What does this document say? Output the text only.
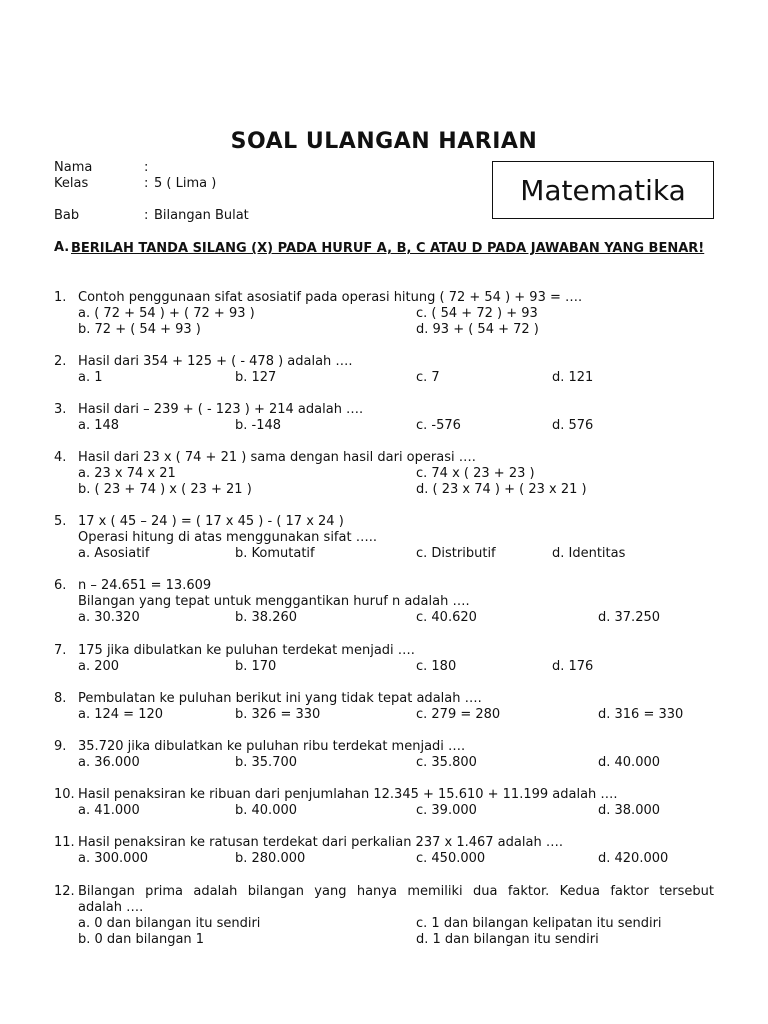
SOAL ULANGAN HARIAN
Nama	:
Kelas	: 5 ( Lima )
Bab	: Bilangan Bulat
Matematika
A. BERILAH TANDA SILANG (X) PADA HURUF A, B, C ATAU D PADA JAWABAN YANG BENAR!
1. Contoh penggunaan sifat asosiatif pada operasi hitung ( 72 + 54 ) + 93 = ….
a. ( 72 + 54 ) + ( 72 + 93 )
b. 72 + ( 54 + 93 )
c. ( 54 + 72 ) + 93
d. 93 + ( 54 + 72 )
2. Hasil dari 354 + 125 + ( - 478 ) adalah ….
a. 1	b. 127	c. 7	d. 121
3. Hasil dari – 239 + ( - 123 ) + 214 adalah ….
a. 148	b. -148	c. -576	d. 576
4. Hasil dari 23 x ( 74 + 21 ) sama dengan hasil dari operasi ….
a. 23 x 74 x 21
b. ( 23 + 74 ) x ( 23 + 21 )
c. 74 x ( 23 + 23 )
d. ( 23 x 74 ) + ( 23 x 21 )
5. 17 x ( 45 – 24 ) = ( 17 x 45 ) - ( 17 x 24 )
Operasi hitung di atas menggunakan sifat …..
a. Asosiatif	b. Komutatif	c. Distributif	d. Identitas
6. n – 24.651 = 13.609
Bilangan yang tepat untuk menggantikan huruf n adalah ….
a. 30.320	b. 38.260	c. 40.620	d. 37.250
7. 175 jika dibulatkan ke puluhan terdekat menjadi ….
a. 200	b. 170	c. 180	d. 176
8. Pembulatan ke puluhan berikut ini yang tidak tepat adalah ….
a. 124 = 120	b. 326 = 330	c. 279 = 280	d. 316 = 330
9. 35.720 jika dibulatkan ke puluhan ribu terdekat menjadi ….
a. 36.000	b. 35.700	c. 35.800	d. 40.000
10. Hasil penaksiran ke ribuan dari penjumlahan 12.345 + 15.610 + 11.199 adalah ….
a. 41.000	b. 40.000	c. 39.000	d. 38.000
11. Hasil penaksiran ke ratusan terdekat dari perkalian 237 x 1.467 adalah ….
a. 300.000	b. 280.000	c. 450.000	d. 420.000
12. Bilangan prima adalah bilangan yang hanya memiliki dua faktor. Kedua faktor tersebut
adalah ….
a. 0 dan bilangan itu sendiri
b. 0 dan bilangan 1
c. 1 dan bilangan kelipatan itu sendiri
d. 1 dan bilangan itu sendiri
